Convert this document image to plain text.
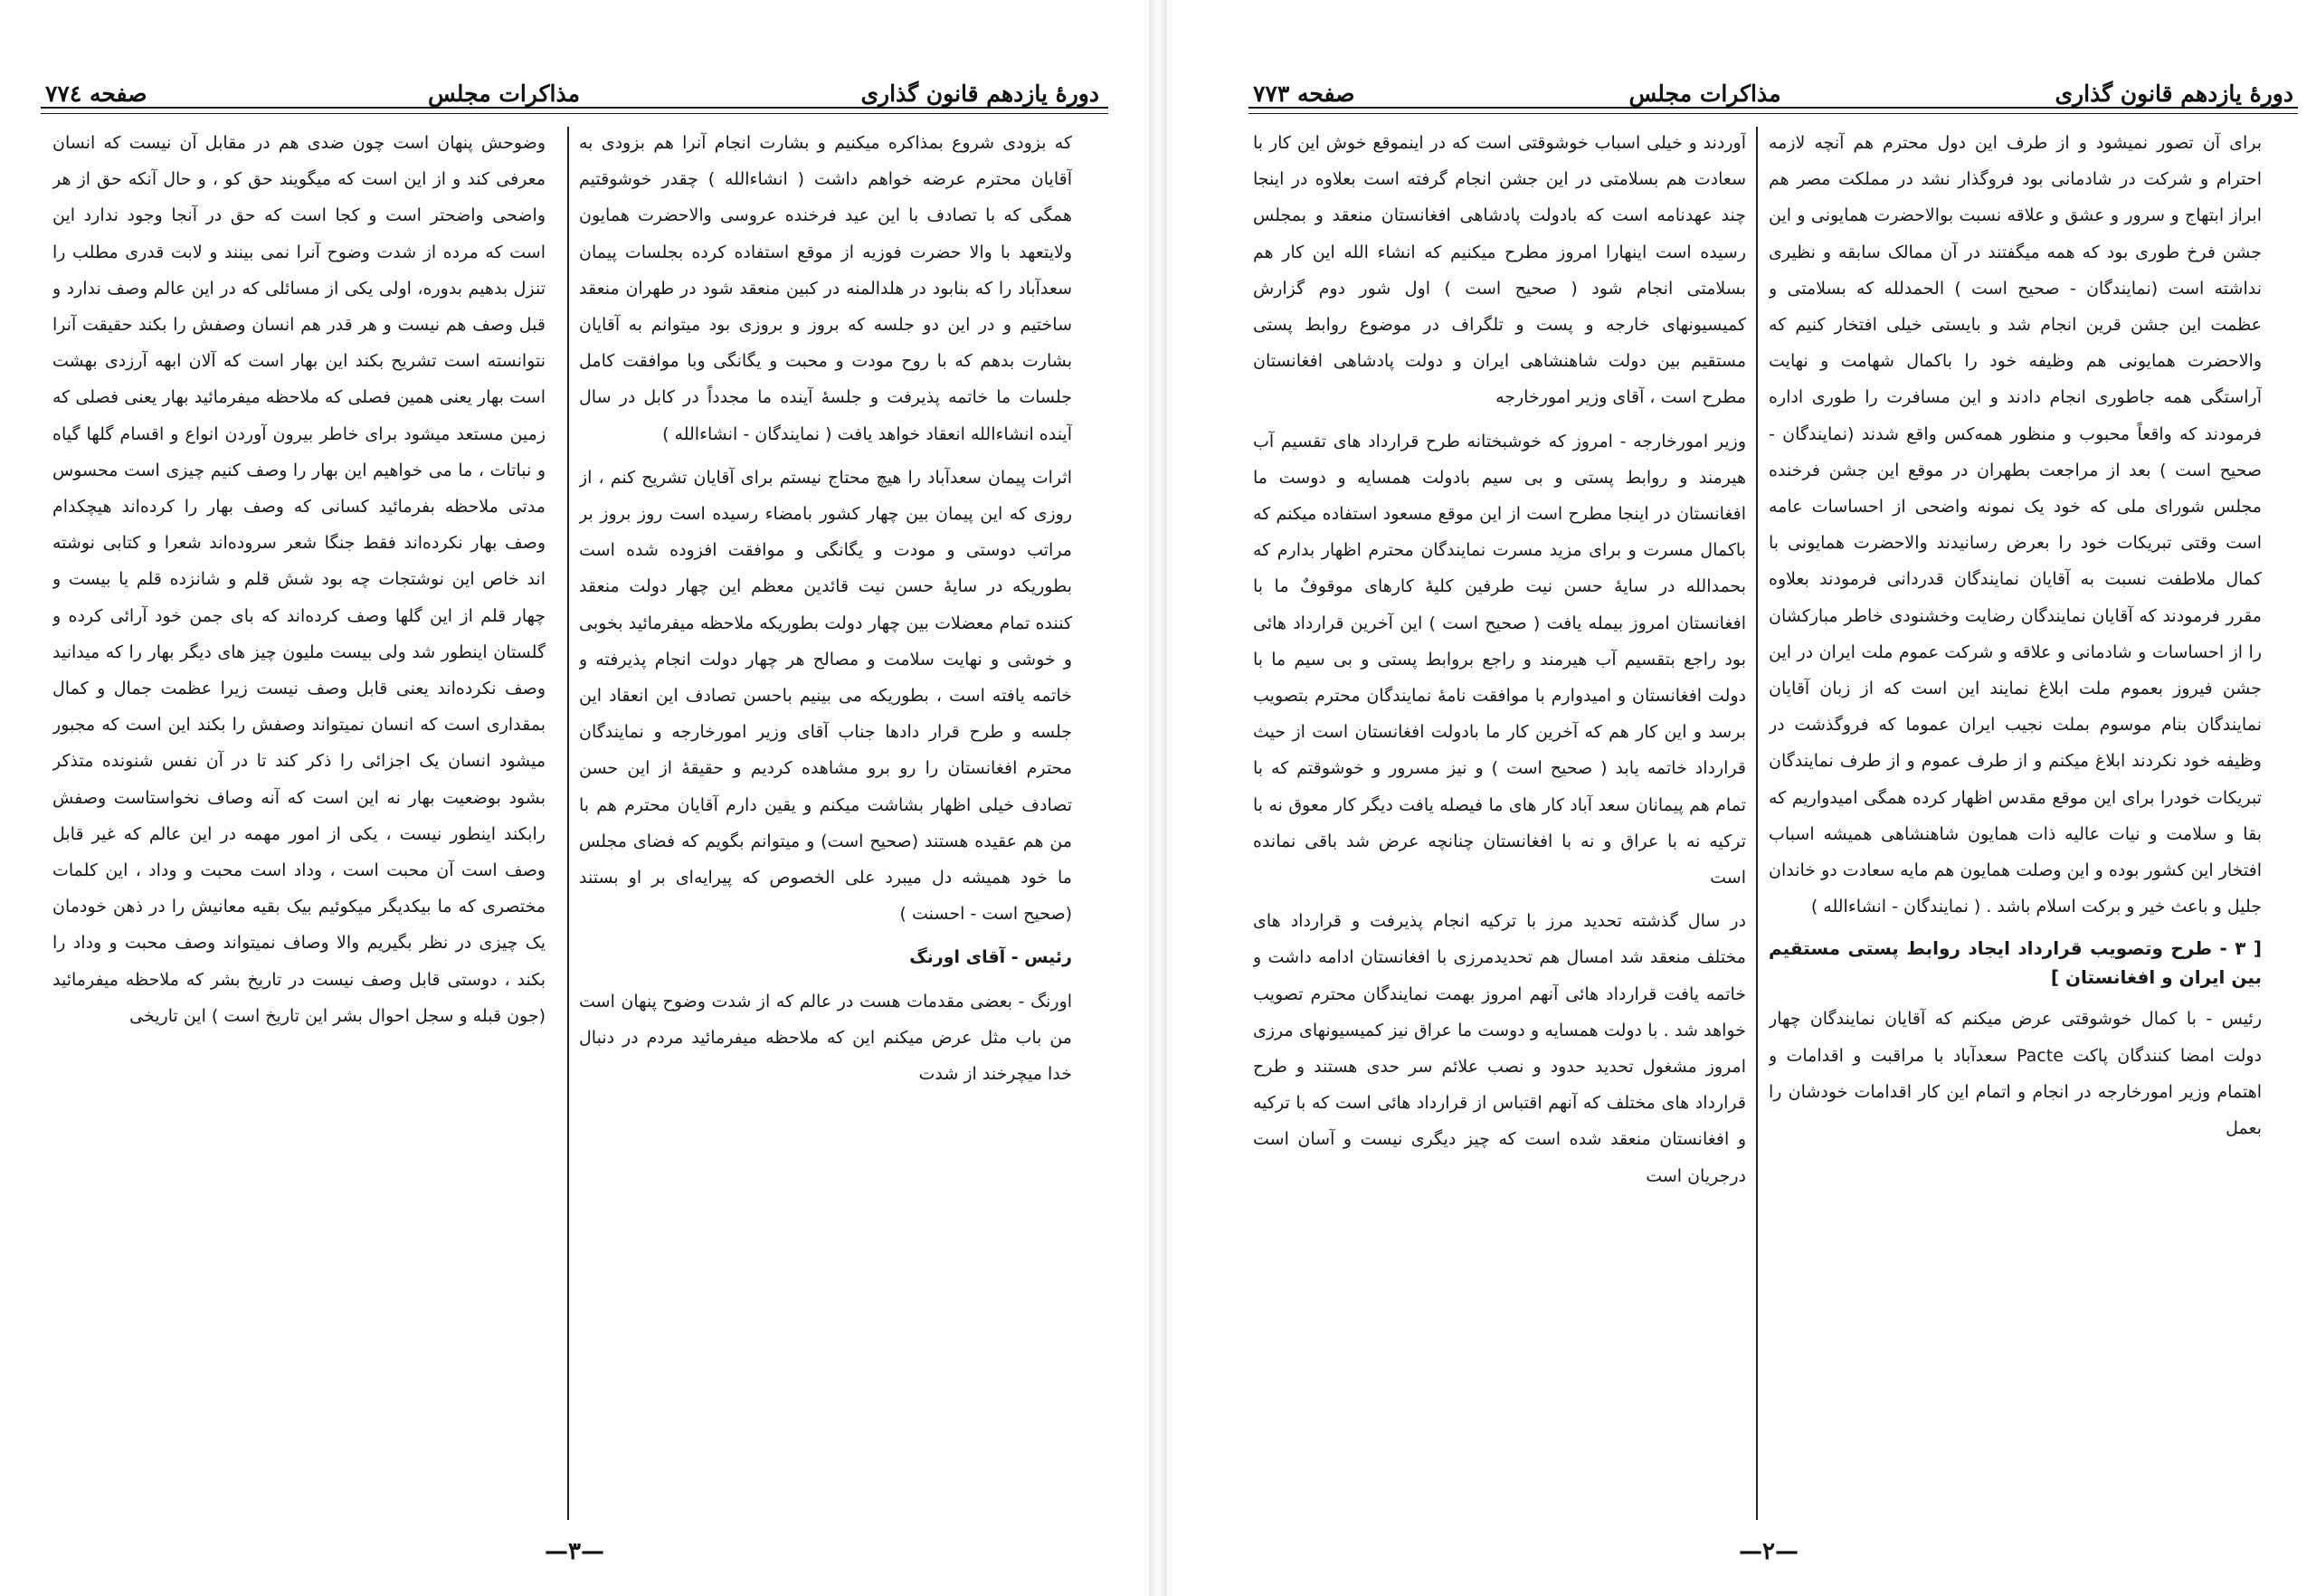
دورهٔ یازدهم قانون گذاری
مذاکرات مجلس
صفحه ۷۷٤

که بزودی شروع بمذاکره میکنیم و بشارت انجام آنرا هم بزودی به آقایان محترم عرضه خواهم داشت ( انشاءالله ) چقدر خوشوقتیم همگی که با تصادف با این عید فرخنده عروسی والاحضرت همایون ولایتعهد با والا حضرت فوزیه از موقع استفاده کرده بجلسات پیمان سعدآباد را که بنابود در هلدالمنه در کبین منعقد شود در طهران منعقد ساختیم و در این دو جلسه که بروز و بروزی بود میتوانم به آقایان بشارت بدهم که با روح مودت و محبت و یگانگی وبا موافقت کامل جلسات ما خاتمه پذیرفت و جلسهٔ آینده ما مجدداً در کابل در سال آینده انشاءالله انعقاد خواهد یافت ( نمایندگان - انشاءالله )

اثرات پیمان سعدآباد را هیچ محتاج نیستم برای آقایان تشریح کنم ، از روزی که این پیمان بین چهار کشور بامضاء رسیده است روز بروز بر مراتب دوستی و مودت و یگانگی و موافقت افزوده شده است بطوریکه در سایهٔ حسن نیت قائدین معظم این چهار دولت منعقد کننده تمام معضلات بین چهار دولت بطوریکه ملاحظه میفرمائید بخوبی و خوشی و نهایت سلامت و مصالح هر چهار دولت انجام پذیرفته و خاتمه یافته است ، بطوریکه می بینیم باحسن تصادف این انعقاد این جلسه و طرح قرار دادها جناب آقای وزیر امورخارجه و نمایندگان محترم افغانستان را رو برو مشاهده کردیم و حقیقهٔ از این حسن تصادف خیلی اظهار بشاشت میکنم و یقین دارم آقایان محترم هم با من هم عقیده هستند (صحیح است) و میتوانم بگویم که فضای مجلس ما خود همیشه دل میبرد علی الخصوص که پیرایه‌ای بر او بستند (صحیح است - احسنت )

رئیس - آقای اورنگ

اورنگ - بعضی مقدمات هست در عالم که از شدت وضوح پنهان است من باب مثل عرض میکنم این که ملاحظه میفرمائید مردم در دنبال خدا میچرخند از شدت

وضوحش پنهان است چون ضدی هم در مقابل آن نیست که انسان معرفی کند و از این است که میگویند حق کو ، و حال آنکه حق از هر واضحی واضحتر است و کجا است که حق در آنجا وجود ندارد این است که مرده از شدت وضوح آنرا نمی بینند و لابت قدری مطلب را تنزل بدهیم بدوره، اولی یکی از مسائلی که در این عالم وصف ندارد و قبل وصف هم نیست و هر قدر هم انسان وصفش را بکند حقیقت آنرا نتوانسته است تشریح بکند این بهار است که آلان ابهه آرزدی بهشت است بهار یعنی همین فصلی که ملاحظه میفرمائید بهار یعنی فصلی که زمین مستعد میشود برای خاطر بیرون آوردن انواع و اقسام گلها گیاه و نباتات ، ما می خواهیم این بهار را وصف کنیم چیزی است محسوس مدتی ملاحظه بفرمائید کسانی که وصف بهار را کرده‌اند هیچکدام وصف بهار نکرده‌اند فقط جنگا شعر سروده‌اند شعرا و کتابی نوشته اند خاص این نوشتجات چه بود شش قلم و شانزده قلم یا بیست و چهار قلم از این گلها وصف کرده‌اند که بای جمن خود آرائی کرده و گلستان اینطور شد ولی بیست ملیون چیز های دیگر بهار را که میدانید وصف نکرده‌اند یعنی قابل وصف نیست زیرا عظمت جمال و کمال بمقداری است که انسان نمیتواند وصفش را بکند این است که مجبور میشود انسان یک اجزائی را ذکر کند تا در آن نفس شنونده متذکر بشود بوضعیت بهار نه این است که آنه وصاف نخواستاست وصفش رابکند اینطور نیست ، یکی از امور مهمه در این عالم که غیر قابل وصف است آن محبت است ، وداد است محبت و وداد ، این کلمات مختصری که ما بیکدیگر میکوئیم بیک بقیه معانیش را در ذهن خودمان یک چیزی در نظر بگیریم والا وصاف نمیتواند وصف محبت و وداد را بکند ، دوستی قابل وصف نیست در تاریخ بشر که ملاحظه میفرمائید (جون قبله و سجل احوال بشر این تاریخ است ) این تاریخی

—۳—
دورهٔ یازدهم قانون گذاری
مذاکرات مجلس
صفحه ۷۷۳

برای آن تصور نمیشود و از طرف این دول محترم هم آنچه لازمه احترام و شرکت در شادمانی بود فروگذار نشد در مملکت مصر هم ابراز ابتهاج و سرور و عشق و علاقه نسبت بوالاحضرت همایونی و این جشن فرخ طوری بود که همه میگفتند در آن ممالک سابقه و نظیری نداشته است (نمایندگان - صحیح است ) الحمدلله که بسلامتی و عظمت این جشن قرین انجام شد و بایستی خیلی افتخار کنیم که والاحضرت همایونی هم وظیفه خود را باکمال شهامت و نهایت آراستگی همه جاطوری انجام دادند و این مسافرت را طوری اداره فرمودند که واقعاً محبوب و منظور همه‌کس واقع شدند (نمایندگان - صحیح است ) بعد از مراجعت بطهران در موقع این جشن فرخنده مجلس شورای ملی که خود یک نمونه واضحی از احساسات عامه است وقتی تبریکات خود را بعرض رسانیدند والاحضرت همایونی با کمال ملاطفت نسبت به آقایان نمایندگان قدردانی فرمودند بعلاوه مقرر فرمودند که آقایان نمایندگان رضایت وخشنودی خاطر مبارکشان را از احساسات و شادمانی و علاقه و شرکت عموم ملت ایران در این جشن فیروز بعموم ملت ابلاغ نمایند این است که از زبان آقایان نمایندگان بنام موسوم بملت نجیب ایران عموما که فروگذشت در وظیفه خود نکردند ابلاغ میکنم و از طرف عموم و از طرف نمایندگان تبریکات خودرا برای این موقع مقدس اظهار کرده همگی امیدواریم که بقا و سلامت و نیات عالیه ذات همایون شاهنشاهی همیشه اسباب افتخار این کشور بوده و این وصلت همایون هم مایه سعادت دو خاندان جلیل و باعث خیر و برکت اسلام باشد . ( نمایندگان - انشاءالله )

[ ۳ - طرح وتصویب قرارداد ایجاد روابط پستی مستقیم بین ایران و افغانستان ]

رئیس - با کمال خوشوقتی عرض میکنم که آقایان نمایندگان چهار دولت امضا کنندگان پاکت Pacte سعدآباد با مراقبت و اقدامات و اهتمام وزیر امورخارجه در انجام و اتمام این کار اقدامات خودشان را بعمل

آوردند و خیلی اسباب خوشوقتی است که در اینموقع خوش این کار با سعادت هم بسلامتی در این جشن انجام گرفته است بعلاوه در اینجا چند عهدنامه است که بادولت پادشاهی افغانستان منعقد و بمجلس رسیده است اینهارا امروز مطرح میکنیم که انشاء الله این کار هم بسلامتی انجام شود ( صحیح است ) اول شور دوم گزارش کمیسیونهای خارجه و پست و تلگراف در موضوع روابط پستی مستقیم بین دولت شاهنشاهی ایران و دولت پادشاهی افغانستان مطرح است ، آقای وزیر امورخارجه

وزیر امورخارجه - امروز که خوشبختانه طرح قرارداد های تقسیم آب هیرمند و روابط پستی و بی سیم بادولت همسایه و دوست ما افغانستان در اینجا مطرح است از این موقع مسعود استفاده میکنم که باکمال مسرت و برای مزید مسرت نمایندگان محترم اظهار بدارم که بحمدالله در سایهٔ حسن نیت طرفین کلیهٔ کارهای موقوفٌ ما با افغانستان امروز بیمله یافت ( صحیح است ) این آخرین قرارداد هائی بود راجع بتقسیم آب هیرمند و راجع بروابط پستی و بی سیم ما با دولت افغانستان و امیدوارم با موافقت نامهٔ نمایندگان محترم بتصویب برسد و این کار هم که آخرین کار ما بادولت افغانستان است از حیث قرارداد خاتمه یابد ( صحیح است ) و نیز مسرور و خوشوقتم که با تمام هم پیمانان سعد آباد کار های ما فیصله یافت دیگر کار معوق نه با ترکیه نه با عراق و نه با افغانستان چنانچه عرض شد باقی نمانده است

در سال گذشته تحدید مرز با ترکیه انجام پذیرفت و قرارداد های مختلف منعقد شد امسال هم تحدیدمرزی با افغانستان ادامه داشت و خاتمه یافت قرارداد هائی آنهم امروز بهمت نمایندگان محترم تصویب خواهد شد . با دولت همسایه و دوست ما عراق نیز کمیسیونهای مرزی امروز مشغول تحدید حدود و نصب علائم سر حدی هستند و طرح قرارداد های مختلف که آنهم اقتباس از قرارداد هائی است که با ترکیه و افغانستان منعقد شده است که چیز دیگری نیست و آسان است درجریان است

—۲—
